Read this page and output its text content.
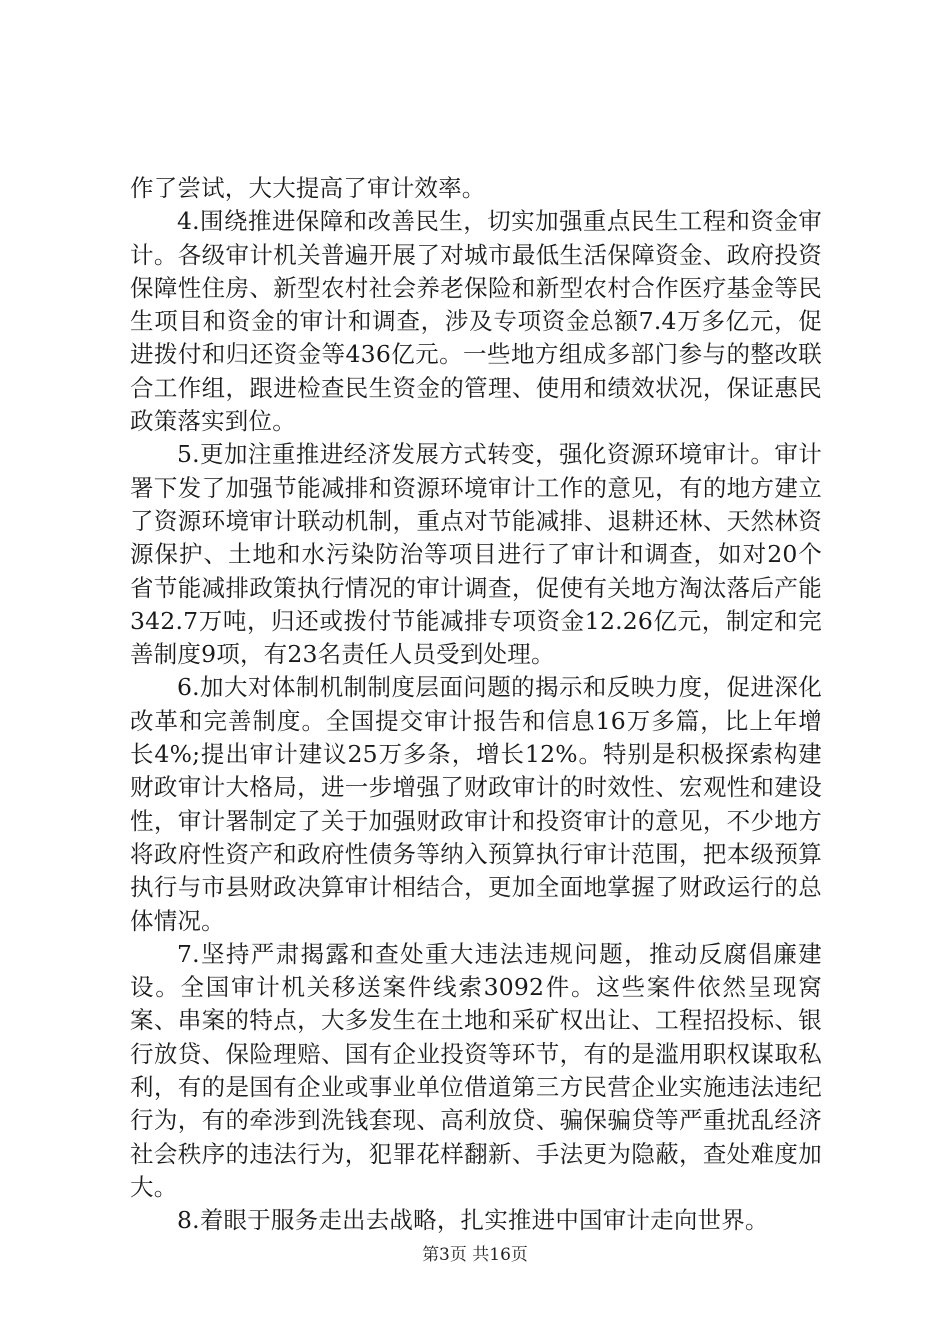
作了尝试，大大提高了审计效率。

4.围绕推进保障和改善民生，切实加强重点民生工程和资金审计。各级审计机关普遍开展了对城市最低生活保障资金、政府投资保障性住房、新型农村社会养老保险和新型农村合作医疗基金等民生项目和资金的审计和调查，涉及专项资金总额7.4万多亿元，促进拨付和归还资金等436亿元。一些地方组成多部门参与的整改联合工作组，跟进检查民生资金的管理、使用和绩效状况，保证惠民政策落实到位。

5.更加注重推进经济发展方式转变，强化资源环境审计。审计署下发了加强节能减排和资源环境审计工作的意见，有的地方建立了资源环境审计联动机制，重点对节能减排、退耕还林、天然林资源保护、土地和水污染防治等项目进行了审计和调查，如对20个省节能减排政策执行情况的审计调查，促使有关地方淘汰落后产能342.7万吨，归还或拨付节能减排专项资金12.26亿元，制定和完善制度9项，有23名责任人员受到处理。

6.加大对体制机制制度层面问题的揭示和反映力度，促进深化改革和完善制度。全国提交审计报告和信息16万多篇，比上年增长4%;提出审计建议25万多条，增长12%。特别是积极探索构建财政审计大格局，进一步增强了财政审计的时效性、宏观性和建设性，审计署制定了关于加强财政审计和投资审计的意见，不少地方将政府性资产和政府性债务等纳入预算执行审计范围，把本级预算执行与市县财政决算审计相结合，更加全面地掌握了财政运行的总体情况。

7.坚持严肃揭露和查处重大违法违规问题，推动反腐倡廉建设。全国审计机关移送案件线索3092件。这些案件依然呈现窝案、串案的特点，大多发生在土地和采矿权出让、工程招投标、银行放贷、保险理赔、国有企业投资等环节，有的是滥用职权谋取私利，有的是国有企业或事业单位借道第三方民营企业实施违法违纪行为，有的牵涉到洗钱套现、高利放贷、骗保骗贷等严重扰乱经济社会秩序的违法行为，犯罪花样翻新、手法更为隐蔽，查处难度加大。

8.着眼于服务走出去战略，扎实推进中国审计走向世界。

第3页 共16页
